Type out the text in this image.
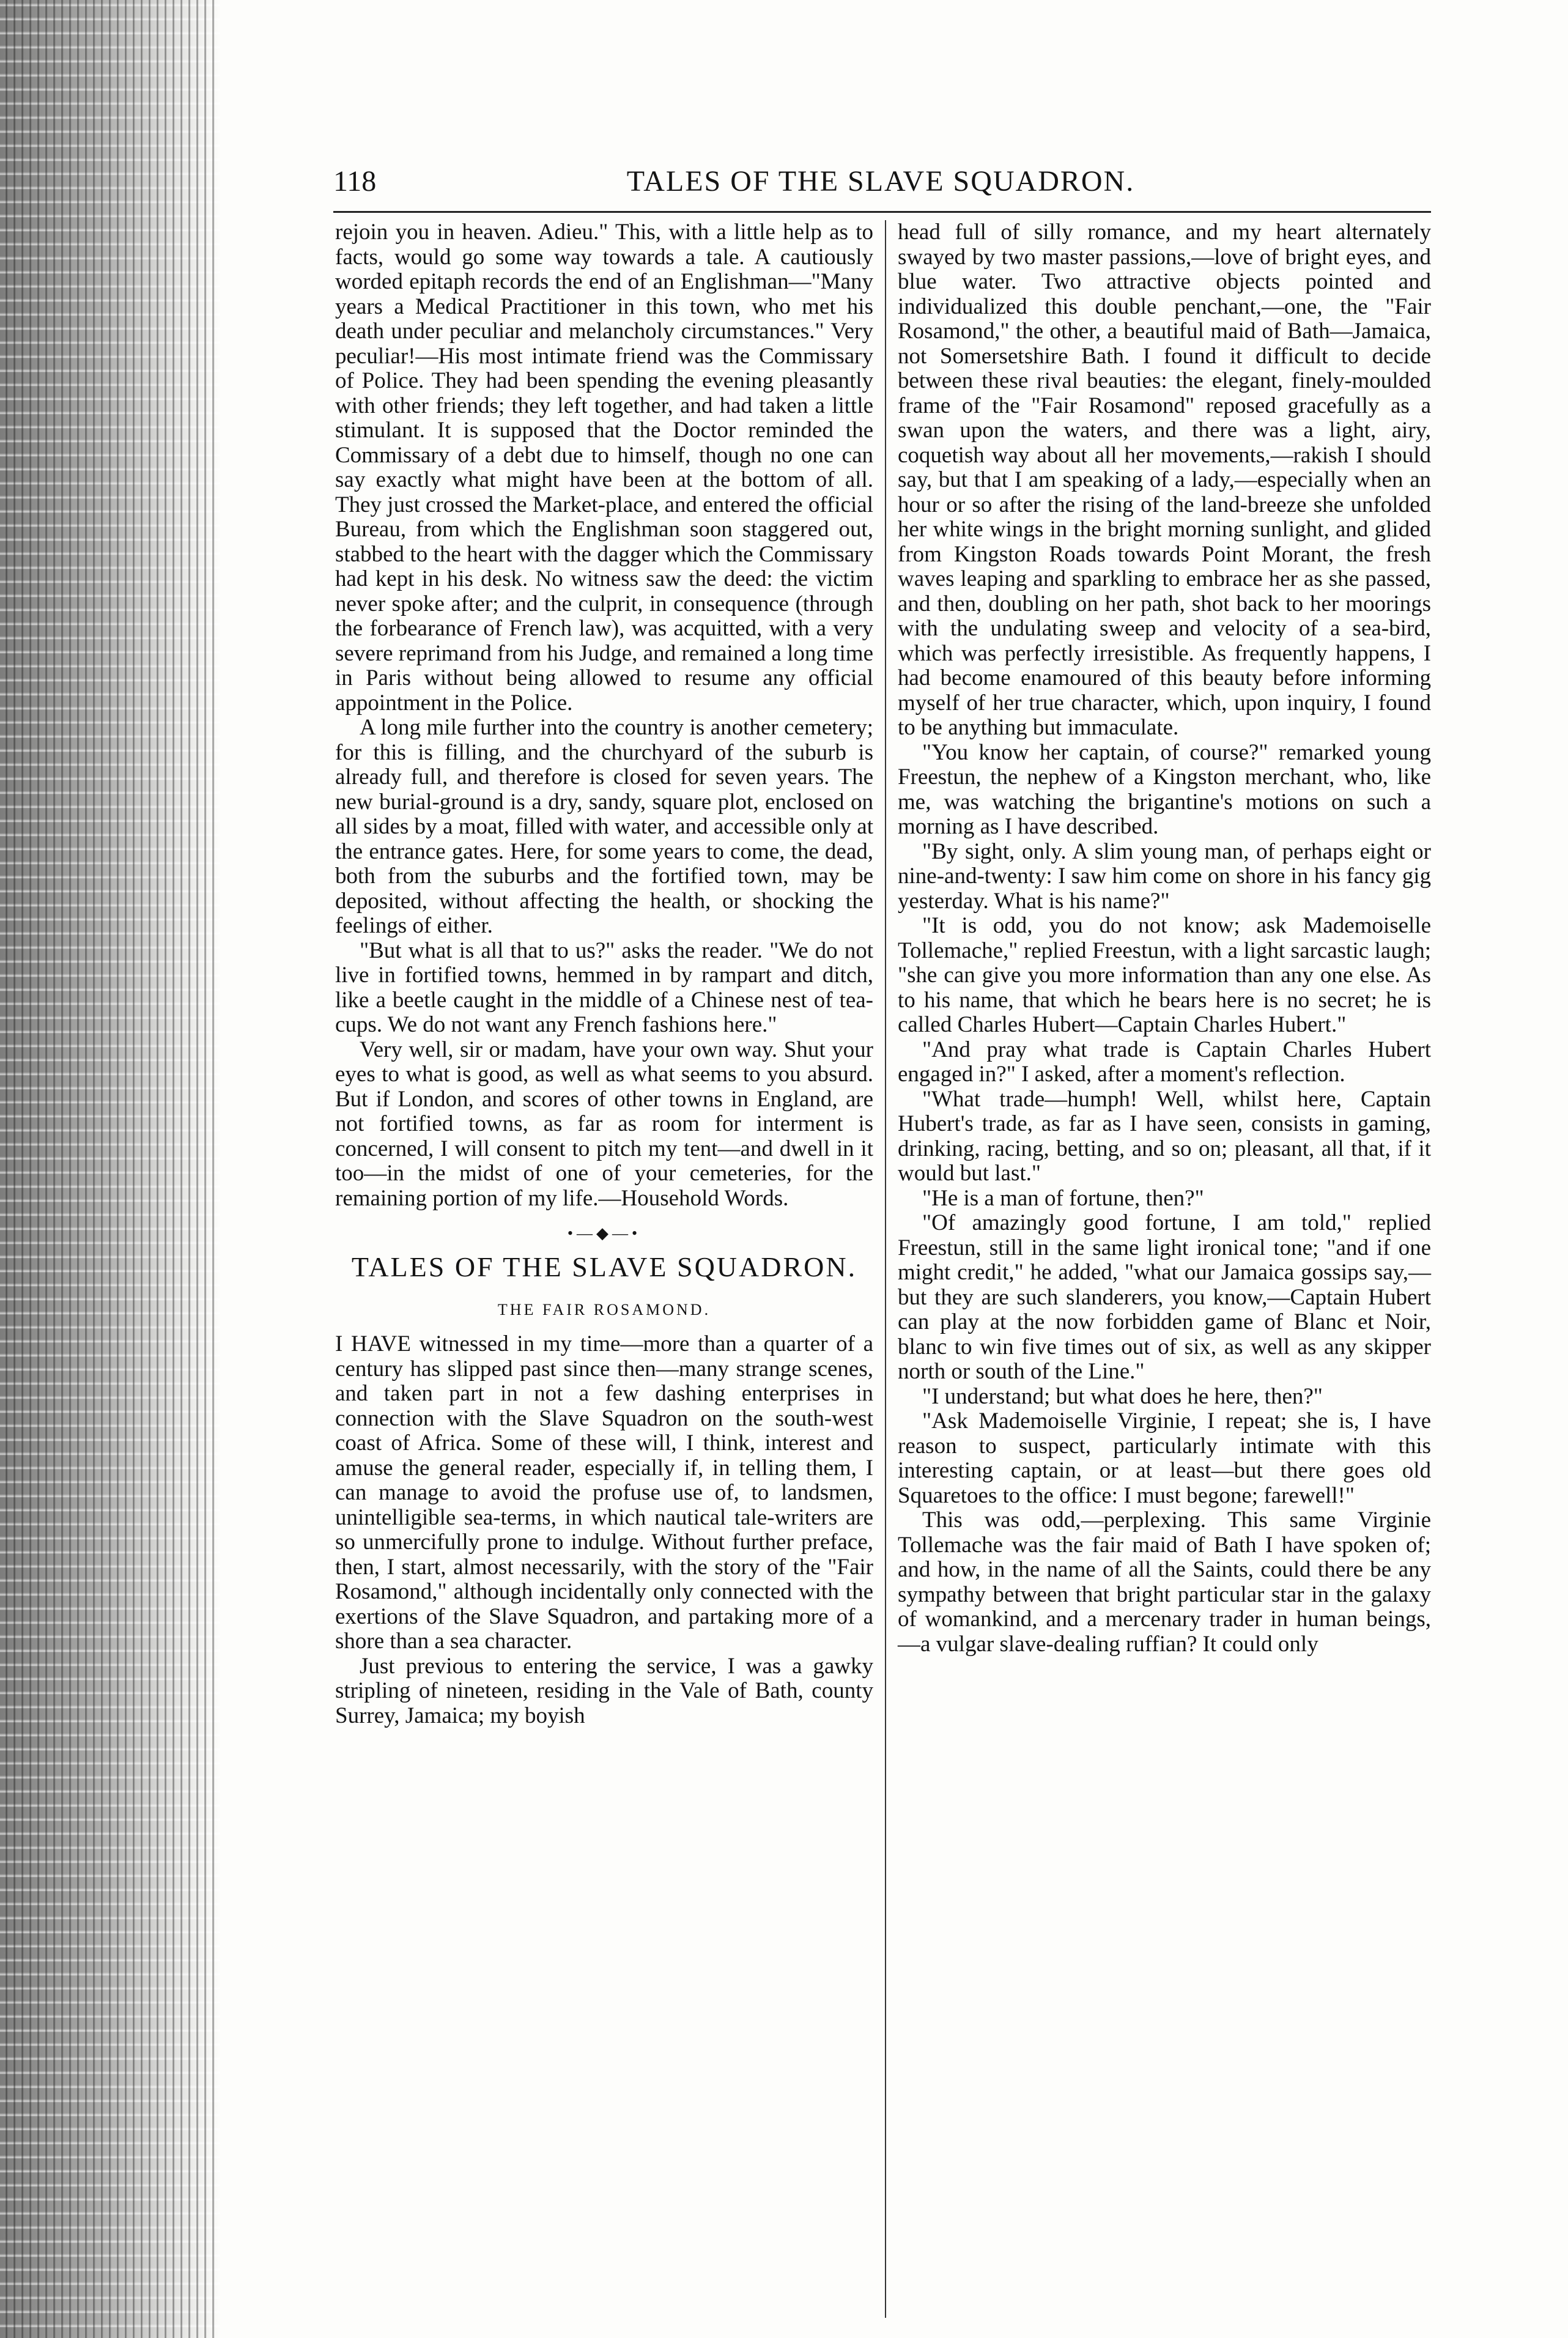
118	TALES OF THE SLAVE SQUADRON.

rejoin you in heaven. Adieu." This, with a little help as to facts, would go some way towards a tale. A cautiously worded epitaph records the end of an Englishman—"Many years a Medical Practitioner in this town, who met his death under peculiar and melancholy circumstances." Very peculiar!—His most intimate friend was the Commissary of Police. They had been spending the evening pleasantly with other friends; they left together, and had taken a little stimulant. It is supposed that the Doctor reminded the Commissary of a debt due to himself, though no one can say exactly what might have been at the bottom of all. They just crossed the Market-place, and entered the official Bureau, from which the Englishman soon staggered out, stabbed to the heart with the dagger which the Commissary had kept in his desk. No witness saw the deed: the victim never spoke after; and the culprit, in consequence (through the forbearance of French law), was acquitted, with a very severe reprimand from his Judge, and remained a long time in Paris without being allowed to resume any official appointment in the Police.

A long mile further into the country is another cemetery; for this is filling, and the churchyard of the suburb is already full, and therefore is closed for seven years. The new burial-ground is a dry, sandy, square plot, enclosed on all sides by a moat, filled with water, and accessible only at the entrance gates. Here, for some years to come, the dead, both from the suburbs and the fortified town, may be deposited, without affecting the health, or shocking the feelings of either.

"But what is all that to us?" asks the reader. "We do not live in fortified towns, hemmed in by rampart and ditch, like a beetle caught in the middle of a Chinese nest of tea-cups. We do not want any French fashions here."

Very well, sir or madam, have your own way. Shut your eyes to what is good, as well as what seems to you absurd. But if London, and scores of other towns in England, are not fortified towns, as far as room for interment is concerned, I will consent to pitch my tent—and dwell in it too—in the midst of one of your cemeteries, for the remaining portion of my life.—Household Words.

•—◆—•
TALES OF THE SLAVE SQUADRON.
THE FAIR ROSAMOND.

I HAVE witnessed in my time—more than a quarter of a century has slipped past since then—many strange scenes, and taken part in not a few dashing enterprises in connection with the Slave Squadron on the south-west coast of Africa. Some of these will, I think, interest and amuse the general reader, especially if, in telling them, I can manage to avoid the profuse use of, to landsmen, unintelligible sea-terms, in which nautical tale-writers are so unmercifully prone to indulge. Without further preface, then, I start, almost necessarily, with the story of the "Fair Rosamond," although incidentally only connected with the exertions of the Slave Squadron, and partaking more of a shore than a sea character.

Just previous to entering the service, I was a gawky stripling of nineteen, residing in the Vale of Bath, county Surrey, Jamaica; my boyish

head full of silly romance, and my heart alternately swayed by two master passions,—love of bright eyes, and blue water. Two attractive objects pointed and individualized this double penchant,—one, the "Fair Rosamond," the other, a beautiful maid of Bath—Jamaica, not Somersetshire Bath. I found it difficult to decide between these rival beauties: the elegant, finely-moulded frame of the "Fair Rosamond" reposed gracefully as a swan upon the waters, and there was a light, airy, coquetish way about all her movements,—rakish I should say, but that I am speaking of a lady,—especially when an hour or so after the rising of the land-breeze she unfolded her white wings in the bright morning sunlight, and glided from Kingston Roads towards Point Morant, the fresh waves leaping and sparkling to embrace her as she passed, and then, doubling on her path, shot back to her moorings with the undulating sweep and velocity of a sea-bird, which was perfectly irresistible. As frequently happens, I had become enamoured of this beauty before informing myself of her true character, which, upon inquiry, I found to be anything but immaculate.

"You know her captain, of course?" remarked young Freestun, the nephew of a Kingston merchant, who, like me, was watching the brigantine's motions on such a morning as I have described.

"By sight, only. A slim young man, of perhaps eight or nine-and-twenty: I saw him come on shore in his fancy gig yesterday. What is his name?"

"It is odd, you do not know; ask Mademoiselle Tollemache," replied Freestun, with a light sarcastic laugh; "she can give you more information than any one else. As to his name, that which he bears here is no secret; he is called Charles Hubert—Captain Charles Hubert."

"And pray what trade is Captain Charles Hubert engaged in?" I asked, after a moment's reflection.

"What trade—humph! Well, whilst here, Captain Hubert's trade, as far as I have seen, consists in gaming, drinking, racing, betting, and so on; pleasant, all that, if it would but last."

"He is a man of fortune, then?"

"Of amazingly good fortune, I am told," replied Freestun, still in the same light ironical tone; "and if one might credit," he added, "what our Jamaica gossips say,—but they are such slanderers, you know,—Captain Hubert can play at the now forbidden game of Blanc et Noir, blanc to win five times out of six, as well as any skipper north or south of the Line."

"I understand; but what does he here, then?"

"Ask Mademoiselle Virginie, I repeat; she is, I have reason to suspect, particularly intimate with this interesting captain, or at least—but there goes old Squaretoes to the office: I must begone; farewell!"

This was odd,—perplexing. This same Virginie Tollemache was the fair maid of Bath I have spoken of; and how, in the name of all the Saints, could there be any sympathy between that bright particular star in the galaxy of womankind, and a mercenary trader in human beings,—a vulgar slave-dealing ruffian? It could only
